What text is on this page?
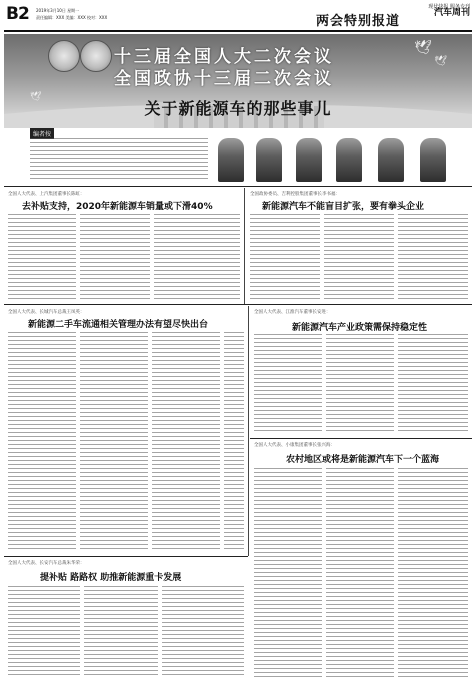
B2 2019年3月10日 星期一
责任编辑：XXX 美编：XXX 校对：XXX	两会特别报道
现代快报 服务专刊
汽车周刊
🕊
🕊
🕊
十三届全国人大二次会议
全国政协十三届二次会议
关于新能源车的那些事儿
编者按
全国人大代表、上汽集团董事长陈虹：
去补贴支持，2020年新能源车销量或下滑40%
全国政协委员、吉利控股集团董事长李书福：
新能源汽车不能盲目扩张，要有拳头企业
全国人大代表、长城汽车总裁王凤英：
新能源二手车流通相关管理办法有望尽快出台
全国人大代表、江淮汽车董事长安进：
新能源汽车产业政策需保持稳定性
全国人大代表、小康集团董事长张兴海：
农村地区或将是新能源汽车下一个蓝海
全国人大代表、长安汽车总裁朱华荣：
提补贴 路路权 助推新能源重卡发展
